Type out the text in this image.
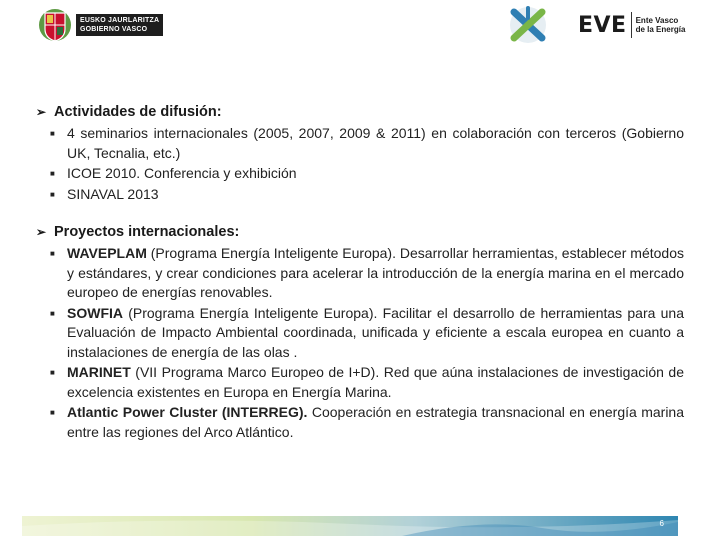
EUSKO JAURLARITZA
GOBIERNO VASCO	EVE Ente Vasco
de la Energía
➢ Actividades de difusión:
■ 4 seminarios internacionales (2005, 2007, 2009 & 2011) en colaboración con terceros (Gobierno UK, Tecnalia, etc.)
■ ICOE 2010. Conferencia y exhibición
■ SINAVAL 2013
➢ Proyectos internacionales:
■ WAVEPLAM (Programa Energía Inteligente Europa). Desarrollar herramientas, establecer métodos y estándares, y crear condiciones para acelerar la introducción de la energía marina en el mercado europeo de energías renovables.
■ SOWFIA (Programa Energía Inteligente Europa). Facilitar el desarrollo de herramientas para una Evaluación de Impacto Ambiental coordinada, unificada y eficiente a escala europea en cuanto a instalaciones de energía de las olas .
■ MARINET (VII Programa Marco Europeo de I+D). Red que aúna instalaciones de investigación de excelencia existentes en Europa en Energía Marina.
■ Atlantic Power Cluster (INTERREG). Cooperación en estrategia transnacional en energía marina entre las regiones del Arco Atlántico.
6
